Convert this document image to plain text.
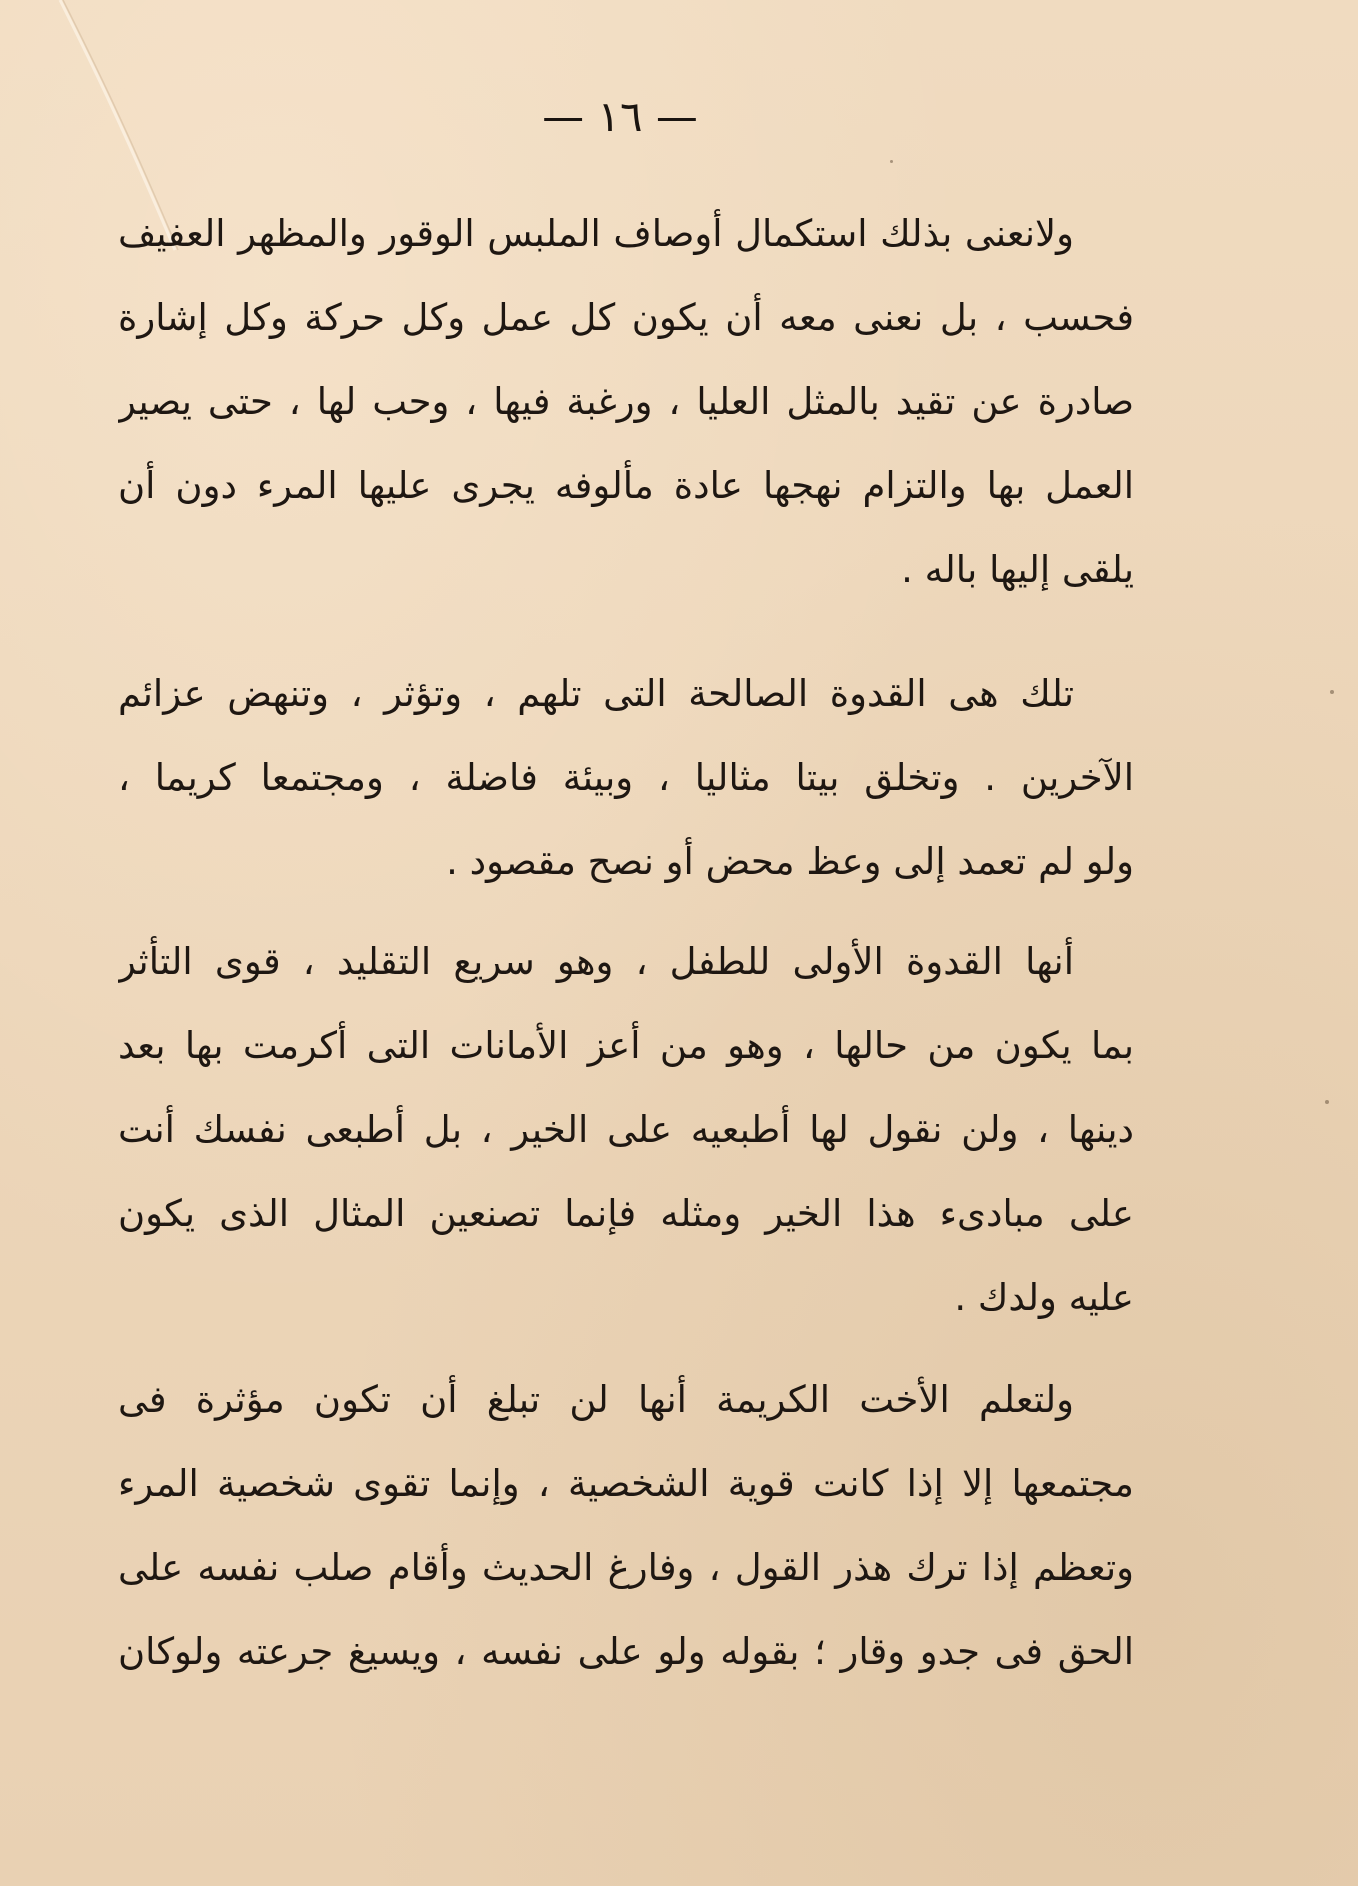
— ١٦ —
ولانعنى بذلك استكمال أوصاف الملبس الوقور والمظهر العفيف
فحسب ، بل نعنى معه أن يكون كل عمل وكل حركة وكل إشارة
صادرة عن تقيد بالمثل العليا ، ورغبة فيها ، وحب لها ، حتى يصير
العمل بها والتزام نهجها عادة مألوفه يجرى عليها المرء دون أن
يلقى إليها باله .
تلك هى القدوة الصالحة التى تلهم ، وتؤثر ، وتنهض عزائم
الآخرين . وتخلق بيتا مثاليا ، وبيئة فاضلة ، ومجتمعا كريما ،
ولو لم تعمد إلى وعظ محض أو نصح مقصود .
أنها القدوة الأولى للطفل ، وهو سريع التقليد ، قوى التأثر
بما يكون من حالها ، وهو من أعز الأمانات التى أكرمت بها بعد
دينها ، ولن نقول لها أطبعيه على الخير ، بل أطبعى نفسك أنت
على مبادىء هذا الخير ومثله فإنما تصنعين المثال الذى يكون
عليه ولدك .
ولتعلم الأخت الكريمة أنها لن تبلغ أن تكون مؤثرة فى
مجتمعها إلا إذا كانت قوية الشخصية ، وإنما تقوى شخصية المرء
وتعظم إذا ترك هذر القول ، وفارغ الحديث وأقام صلب نفسه على
الحق فى جدو وقار ؛ بقوله ولو على نفسه ، ويسيغ جرعته ولوكان
